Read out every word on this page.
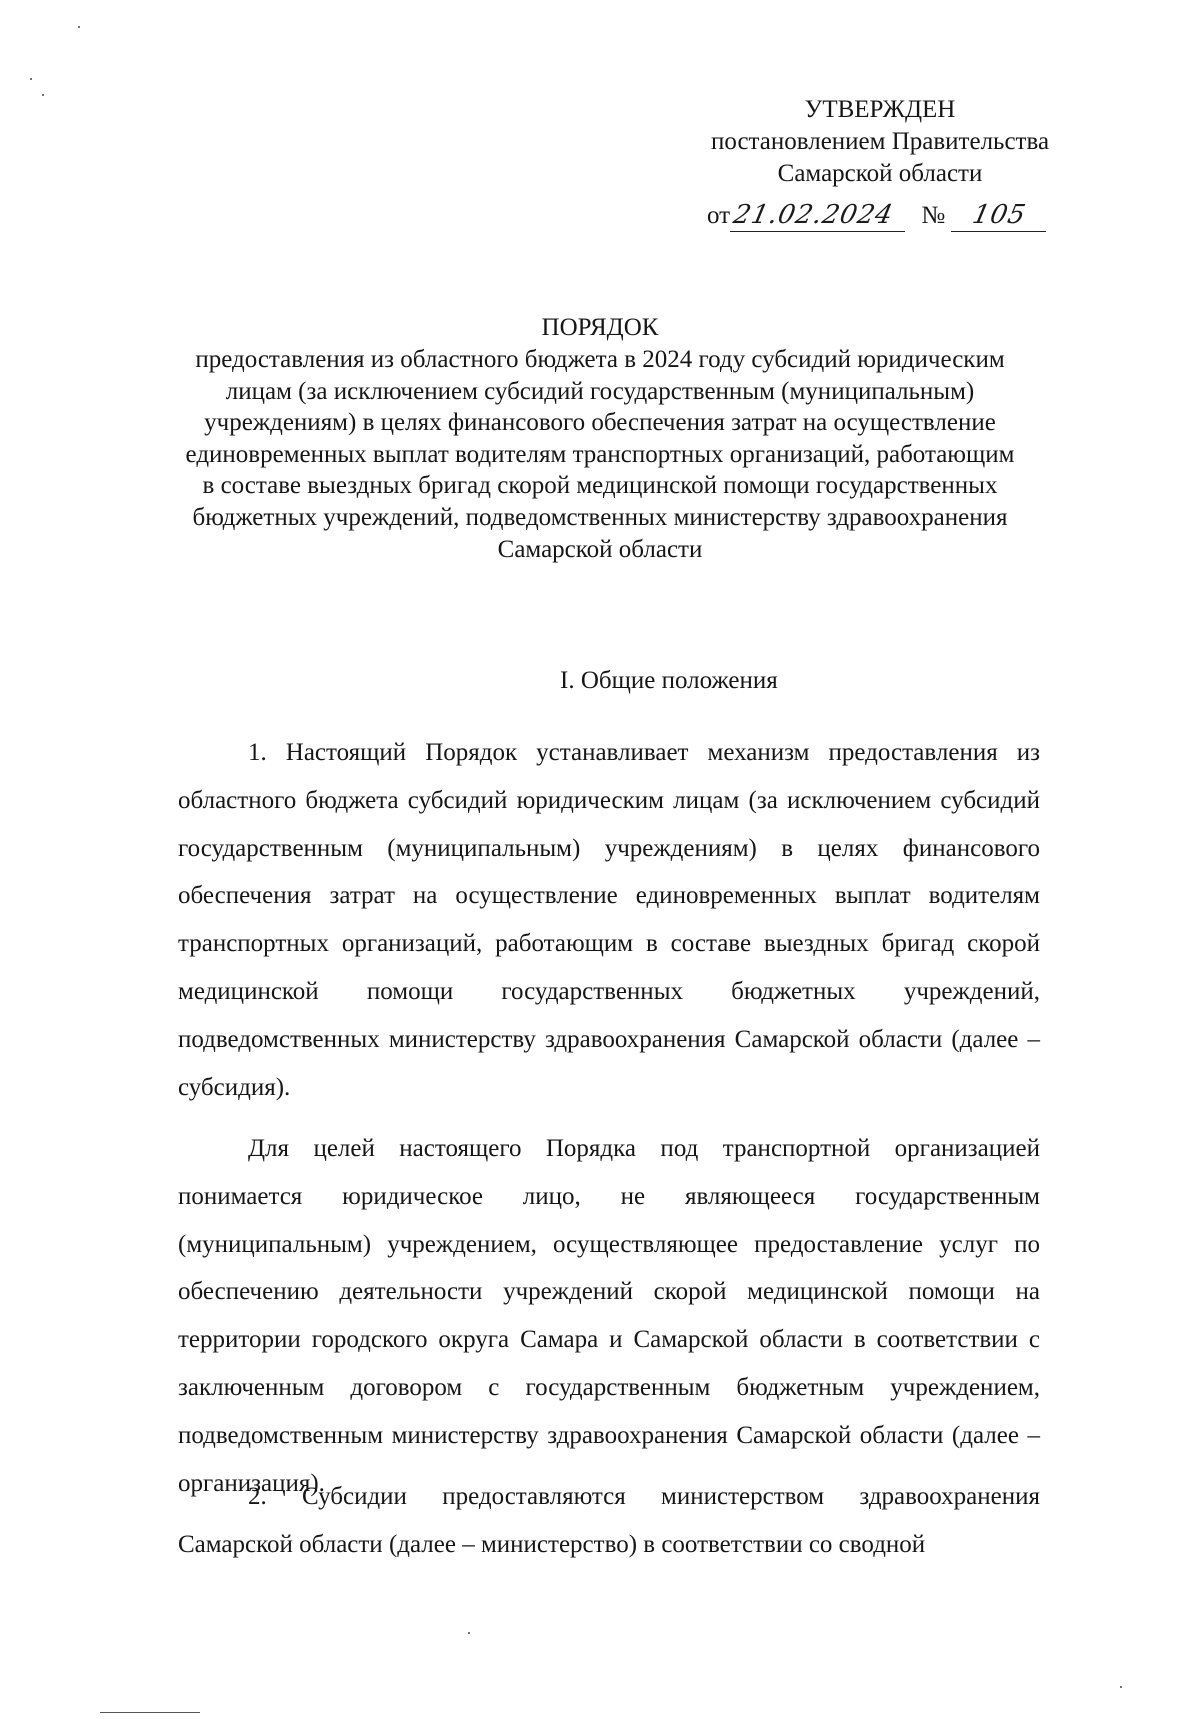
УТВЕРЖДЕН
постановлением Правительства
Самарской области
от 21.02.2024 № 105
ПОРЯДОК
предоставления из областного бюджета в 2024 году субсидий юридическим
лицам (за исключением субсидий государственным (муниципальным)
учреждениям) в целях финансового обеспечения затрат на осуществление
единовременных выплат водителям транспортных организаций, работающим
в составе выездных бригад скорой медицинской помощи государственных
бюджетных учреждений, подведомственных министерству здравоохранения
Самарской области
I. Общие положения

1. Настоящий Порядок устанавливает механизм предоставления из областного бюджета субсидий юридическим лицам (за исключением субсидий государственным (муниципальным) учреждениям) в целях финансового обеспечения затрат на осуществление единовременных выплат водителям транспортных организаций, работающим в составе выездных бригад скорой медицинской помощи государственных бюджетных учреждений, подведомственных министерству здравоохранения Самарской области (далее – субсидия).

Для целей настоящего Порядка под транспортной организацией понимается юридическое лицо, не являющееся государственным (муниципальным) учреждением, осуществляющее предоставление услуг по обеспечению деятельности учреждений скорой медицинской помощи на территории городского округа Самара и Самарской области в соответствии с заключенным договором с государственным бюджетным учреждением, подведомственным министерству здравоохранения Самарской области (далее – организация).

2. Субсидии предоставляются министерством здравоохранения Самарской области (далее – министерство) в соответствии со сводной
